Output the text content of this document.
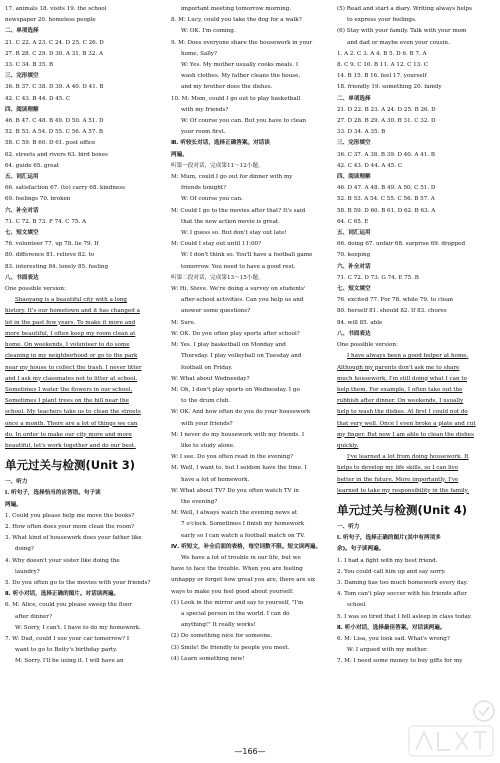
17. animals 18. visits 19. the school
newspaper 20. homeless people
二、单项选择
21. C 22. A 23. C 24. D 25. C 26. D
27. B 28. C 29. D 30. A 31. B 32. A
33. C 34. B 35. B
三、完形填空
36. B 37. C 38. D 39. A 40. D 41. B
42. C 43. B 44. D 45. C
四、阅读理解
46. B 47. C 48. B 49. D 50. A 51. D
52. B 53. A 54. D 55. C 56. A 57. B
58. C 59. B 60. D 61. post office
62. streets and rivers 63. bird boxes
64. guide 65. great
五、词汇运用
66. satisfaction 67. (to) carry 68. kindness
69. feelings 70. broken
六、补全对话
71. C 72. B 73. F 74. C 75. A
七、短文填空
76. volunteer 77. up 78. lie 79. If
80. difference 81. relieve 82. to
83. interesting 84. lonely 85. feeling
八、书面表达
One possible version:
Shaoyang is a beautiful city with a long
history. It's our hometown and it has changed a
lot in the past few years. To make it more and
more beautiful, I often keep my room clean at
home. On weekends, I volunteer to do some
cleaning in my neighborhood or go to the park
near my house to collect the trash. I never litter
and I ask my classmates not to litter at school.
Sometimes I water the flowers in our school.
Sometimes I plant trees on the hill near the
school. My teachers take us to clean the streets
once a month. There are a lot of things we can
do. In order to make our city more and more
beautiful, let's work together and do our best.
单元过关与检测(Unit 3)
一、听力
Ⅰ. 听句子，选择恰当的应答语。句子读
两遍。
1. Could you please help me move the books?
2. How often does your mom clean the room?
3. What kind of housework does your father like
doing?
4. Why doesn't your sister like doing the
laundry?
5. Do you often go to the movies with your friends?
Ⅱ. 听小对话，选择正确的图片。对话读两遍。
6. M: Alice, could you please sweep the floor
after dinner?
W: Sorry, I can't. I have to do my homework.
7. W: Dad, could I use your car tomorrow? I
want to go to Betty's birthday party.
M: Sorry. I'll be using it. I will have an
important meeting tomorrow morning.
8. M: Lucy, could you take the dog for a walk?
W: OK. I'm coming.
9. M: Does everyone share the housework in your
home, Sally?
W: Yes. My mother usually cooks meals. I
wash clothes. My father cleans the house,
and my brother does the dishes.
10. M: Mom, could I go out to play basketball
with my friends?
W: Of course you can. But you have to clean
your room first.
Ⅲ. 听较长对话，选择正确答案。对话读
两遍。
听第一段对话，完成第11～12小题。
M: Mum, could I go out for dinner with my
friends tonight?
W: Of course you can.
M: Could I go to the movies after that? It's said
that the new action movie is great.
W: I guess so. But don't stay out late!
M: Could I stay out until 11:00?
W: I don't think so. You'll have a football game
tomorrow. You need to have a good rest.
听第二段对话，完成第13～15小题。
W: Hi, Steve. We're doing a survey on students'
after-school activities. Can you help us and
answer some questions?
M: Sure.
W: OK. Do you often play sports after school?
M: Yes. I play basketball on Monday and
Thursday. I play volleyball on Tuesday and
football on Friday.
W: What about Wednesday?
M: Oh, I don't play sports on Wednesday. I go
to the drum club.
W: OK. And how often do you do your housework
with your friends?
M: I never do my housework with my friends. I
like to study alone.
W: I see. Do you often read in the evening?
M: Well, I want to, but I seldom have the time. I
have a lot of homework.
W: What about TV? Do you often watch TV in
the evening?
M: Well, I always watch the evening news at
7 o'clock. Sometimes I finish my homework
early so I can watch a football match on TV.
Ⅳ. 听短文，补全后面的表格，每空词数不限。短文读两遍。
We have a lot of trouble in our life, but we
have to face the trouble. When you are feeling
unhappy or forget how great you are, there are six
ways to make you feel good about yourself.
(1) Look in the mirror and say to yourself, "I'm
a special person in the world. I can do
anything!" It really works!
(2) Do something nice for someone.
(3) Smile! Be friendly to people you meet.
(4) Learn something new!
(5) Read and start a diary. Writing always helps
to express your feelings.
(6) Stay with your family. Talk with your mom
and dad or maybe even your cousin.
1. A 2. C 3. A 4. B 5. D 6. B 7. A
8. C 9. C 10. B 11. A 12. C 13. C
14. B 15. B 16. feel 17. yourself
18. friendly 19. something 20. family
二、单项选择
21. D 22. B 23. A 24. D 25. B 26. D
27. D 28. B 29. A 30. B 31. C 32. D
33. D 34. A 35. B
三、完形填空
36. C 37. A 38. B 39. D 40. A 41. B
42. C 43. D 44. A 45. C
四、阅读理解
46. D 47. A 48. B 49. A 50. C 51. D
52. B 53. A 54. C 55. C 56. B 57. A
58. B 59. D 60. B 61. D 62. B 63. A
64. C 65. E
五、词汇运用
66. doing 67. unfair 68. surprise 69. dropped
70. keeping
六、补全对话
71. C 72. D 73. G 74. E 75. B
七、短文填空
76. excited 77. For 78. while 79. to clean
80. herself 81. should 82. If 83. chores
84. will 85. able
八、书面表达
One possible version:
I have always been a good helper at home.
Although my parents don't ask me to share
much housework, I'm still doing what I can to
help them. For example, I often take out the
rubbish after dinner. On weekends, I usually
help to wash the dishes. At first I could not do
that very well. Once I even broke a plate and cut
my finger. But now I am able to clean the dishes
quickly.
I've learned a lot from doing housework. It
helps to develop my life skills, so I can live
better in the future. More importantly, I've
learned to take my responsibility in the family.
单元过关与检测(Unit 4)
一、听力
Ⅰ. 听句子，选择正确的图片(其中有两项多
余)。句子读两遍。
1. I had a fight with my best friend.
2. You could call him up and say sorry.
3. Daming has too much homework every day.
4. Tom can't play soccer with his friends after
school.
5. I was so tired that I fell asleep in class today.
Ⅱ. 听小对话，选择最佳答案。对话读两遍。
6. M: Lisa, you look sad. What's wrong?
W: I argued with my mother.
7. M: I need some money to buy gifts for my
—166—
